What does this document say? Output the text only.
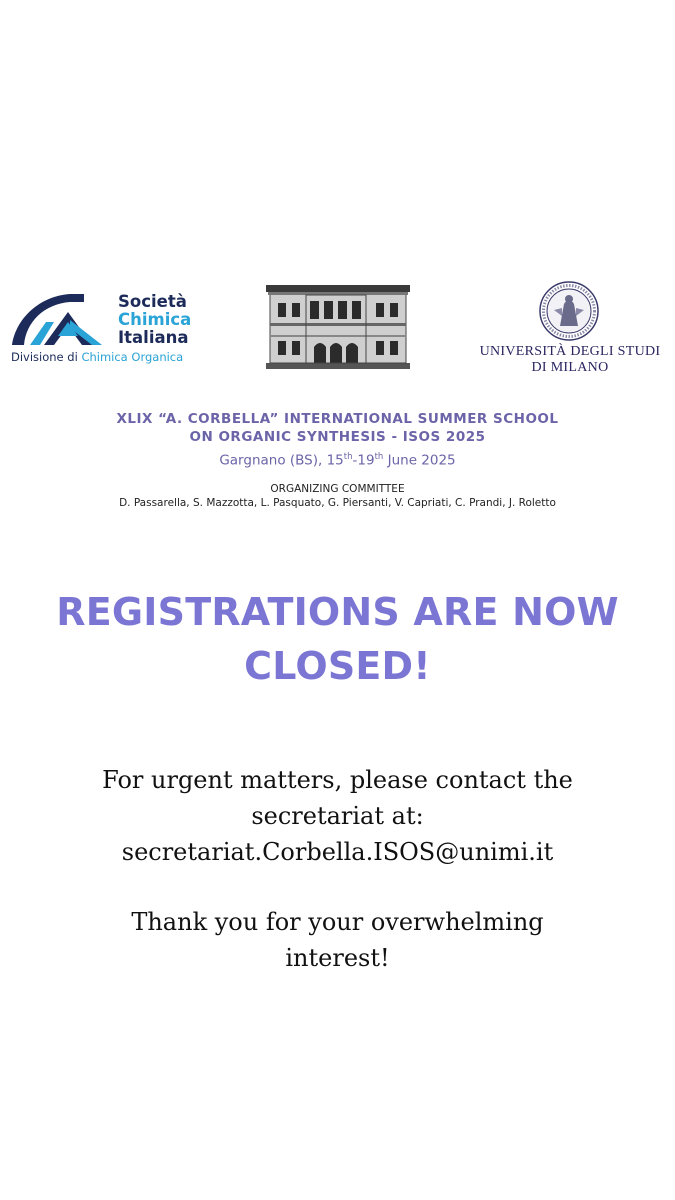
Società
Chimica
Italiana
Divisione di Chimica Organica	UNIVERSITÀ DEGLI STUDI
DI MILANO
XLIX “A. CORBELLA” INTERNATIONAL SUMMER SCHOOL
ON ORGANIC SYNTHESIS - ISOS 2025
Gargnano (BS), 15th-19th June 2025
ORGANIZING COMMITTEE
D. Passarella, S. Mazzotta, L. Pasquato, G. Piersanti, V. Capriati, C. Prandi, J. Roletto
REGISTRATIONS ARE NOW
CLOSED!
For urgent matters, please contact the
secretariat at:
secretariat.Corbella.ISOS@unimi.it
Thank you for your overwhelming
interest!
